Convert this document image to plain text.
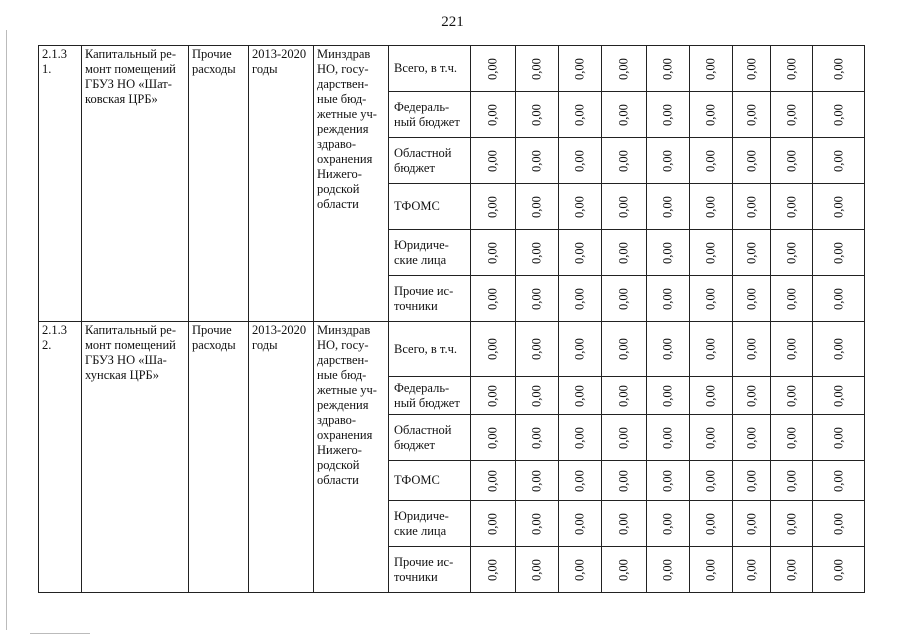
221
2.1.3 1.	Капитальный ре-монт помещений ГБУЗ НО «Шат-ковская ЦРБ»	Прочие расходы	2013-2020 годы	Минздрав НО, госу-дарствен-ные бюд-жетные уч-реждения здраво-охранения Нижего-родской области	Всего, в т.ч.	0,00	0,00	0,00	0,00	0,00	0,00	0,00	0,00	0,00

					Федераль-ный бюджет	0,00	0,00	0,00	0,00	0,00	0,00	0,00	0,00	0,00

					Областной бюджет	0,00	0,00	0,00	0,00	0,00	0,00	0,00	0,00	0,00

					ТФОМС	0,00	0,00	0,00	0,00	0,00	0,00	0,00	0,00	0,00

					Юридиче-ские лица	0,00	0,00	0,00	0,00	0,00	0,00	0,00	0,00	0,00

					Прочие ис-точники	0,00	0,00	0,00	0,00	0,00	0,00	0,00	0,00	0,00

2.1.3 2.	Капитальный ре-монт помещений ГБУЗ НО «Ша-хунская ЦРБ»	Прочие расходы	2013-2020 годы	Минздрав НО, госу-дарствен-ные бюд-жетные уч-реждения здраво-охранения Нижего-родской области	Всего, в т.ч.	0,00	0,00	0,00	0,00	0,00	0,00	0,00	0,00	0,00

					Федераль-ный бюджет	0,00	0,00	0,00	0,00	0,00	0,00	0,00	0,00	0,00

					Областной бюджет	0,00	0,00	0,00	0,00	0,00	0,00	0,00	0,00	0,00

					ТФОМС	0,00	0,00	0,00	0,00	0,00	0,00	0,00	0,00	0,00

					Юридиче-ские лица	0,00	0,00	0,00	0,00	0,00	0,00	0,00	0,00	0,00

					Прочие ис-точники	0,00	0,00	0,00	0,00	0,00	0,00	0,00	0,00	0,00
